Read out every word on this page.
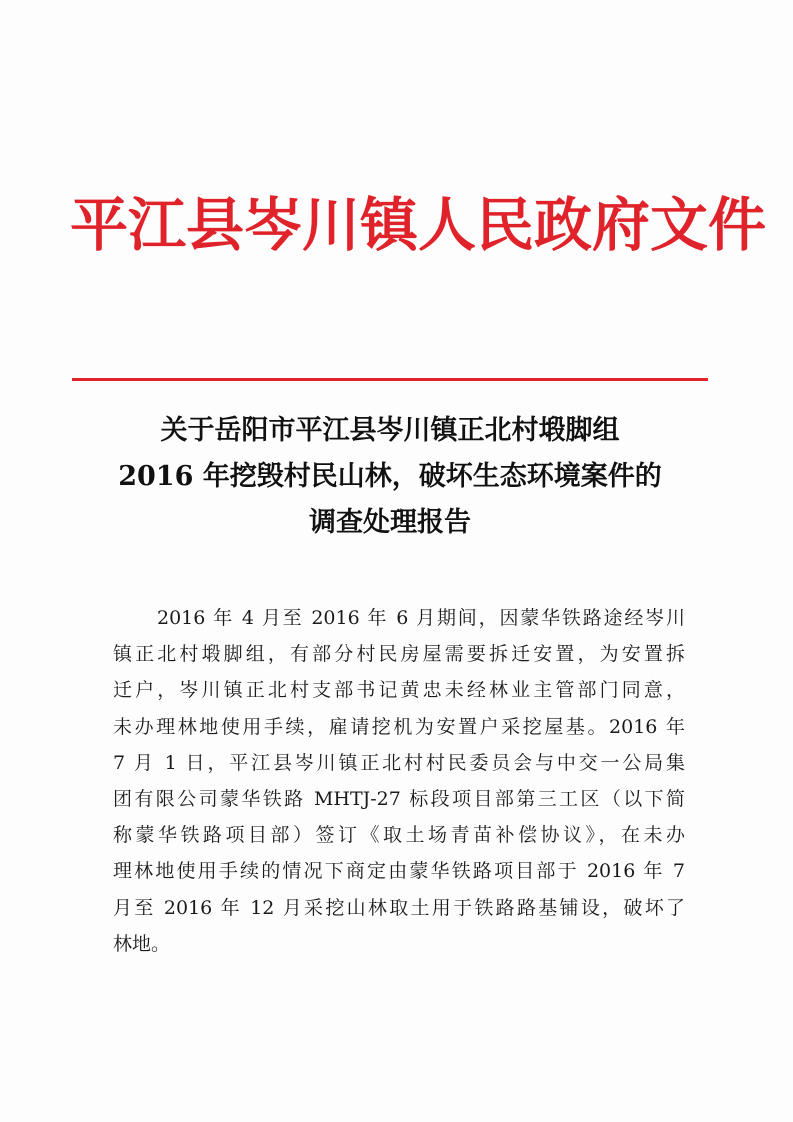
平江县岑川镇人民政府文件
关于岳阳市平江县岑川镇正北村塅脚组
2016 年挖毁村民山林，破坏生态环境案件的
调查处理报告
2016 年 4 月至 2016 年 6 月期间，因蒙华铁路途经岑川
镇正北村塅脚组，有部分村民房屋需要拆迁安置，为安置拆
迁户，岑川镇正北村支部书记黄忠未经林业主管部门同意，
未办理林地使用手续，雇请挖机为安置户采挖屋基。2016 年
7 月 1 日，平江县岑川镇正北村村民委员会与中交一公局集
团有限公司蒙华铁路 MHTJ-27 标段项目部第三工区（以下简
称蒙华铁路项目部）签订《取土场青苗补偿协议》，在未办
理林地使用手续的情况下商定由蒙华铁路项目部于 2016 年 7
月至 2016 年 12 月采挖山林取土用于铁路路基铺设，破坏了
林地。
